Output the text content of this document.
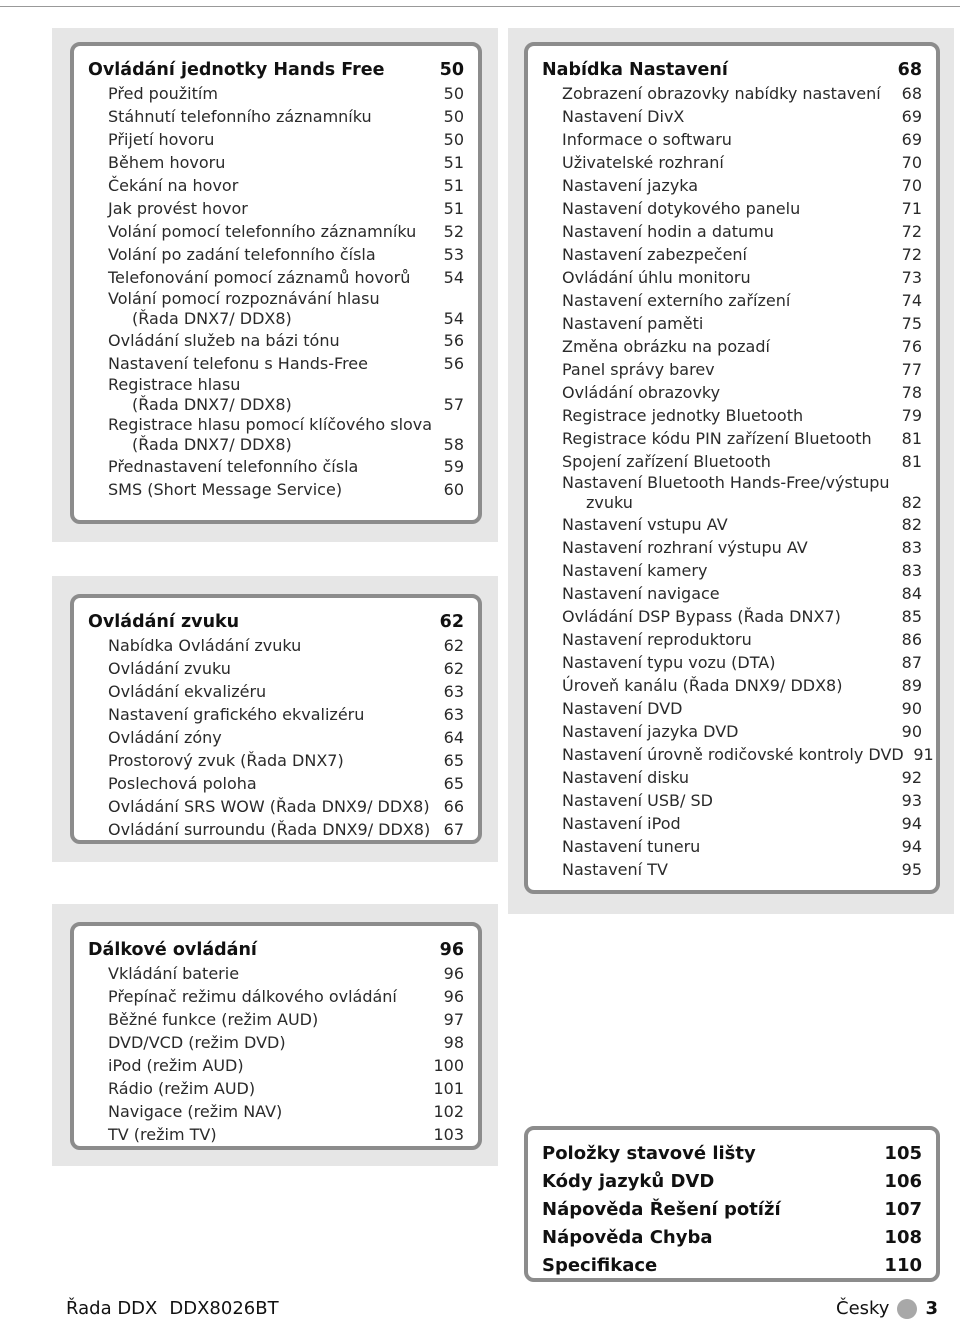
Ovládání jednotky Hands Free	50
Před použitím	50
Stáhnutí telefonního záznamníku	50
Přijetí hovoru	50
Během hovoru	51
Čekání na hovor	51
Jak provést hovor	51
Volání pomocí telefonního záznamníku	52
Volání po zadání telefonního čísla	53
Telefonování pomocí záznamů hovorů	54
Volání pomocí rozpoznávání hlasu
(Řada DNX7/ DDX8)	54
Ovládání služeb na bázi tónu	56
Nastavení telefonu s Hands-Free	56
Registrace hlasu
(Řada DNX7/ DDX8)	57
Registrace hlasu pomocí klíčového slova
(Řada DNX7/ DDX8)	58
Přednastavení telefonního čísla	59
SMS (Short Message Service)	60
Ovládání zvuku	62
Nabídka Ovládání zvuku	62
Ovládání zvuku	62
Ovládání ekvalizéru	63
Nastavení grafického ekvalizéru	63
Ovládání zóny	64
Prostorový zvuk (Řada DNX7)	65
Poslechová poloha	65
Ovládání SRS WOW (Řada DNX9/ DDX8) 66
Ovládání surroundu (Řada DNX9/ DDX8) 67
Dálkové ovládání	96
Vkládání baterie	96
Přepínač režimu dálkového ovládání	96
Běžné funkce (režim AUD)	97
DVD/VCD (režim DVD)	98
iPod (režim AUD)	100
Rádio (režim AUD)	101
Navigace (režim NAV)	102
TV (režim TV)	103
Nabídka Nastavení	68
Zobrazení obrazovky nabídky nastavení	68
Nastavení DivX	69
Informace o softwaru	69
Uživatelské rozhraní	70
Nastavení jazyka	70
Nastavení dotykového panelu	71
Nastavení hodin a datumu	72
Nastavení zabezpečení	72
Ovládání úhlu monitoru	73
Nastavení externího zařízení	74
Nastavení paměti	75
Změna obrázku na pozadí	76
Panel správy barev	77
Ovládání obrazovky	78
Registrace jednotky Bluetooth	79
Registrace kódu PIN zařízení Bluetooth	81
Spojení zařízení Bluetooth	81
Nastavení Bluetooth Hands-Free/výstupu
zvuku	82
Nastavení vstupu AV	82
Nastavení rozhraní výstupu AV	83
Nastavení kamery	83
Nastavení navigace	84
Ovládání DSP Bypass (Řada DNX7)	85
Nastavení reproduktoru	86
Nastavení typu vozu (DTA)	87
Úroveň kanálu (Řada DNX9/ DDX8)	89
Nastavení DVD	90
Nastavení jazyka DVD	90
Nastavení úrovně rodičovské kontroly DVD 91
Nastavení disku	92
Nastavení USB/ SD	93
Nastavení iPod	94
Nastavení tuneru	94
Nastavení TV	95
Položky stavové lišty	105
Kódy jazyků DVD	106
Nápověda Řešení potíží	107
Nápověda Chyba	108
Specifikace	110
Řada DDX DDX8026BT	Česky 3
